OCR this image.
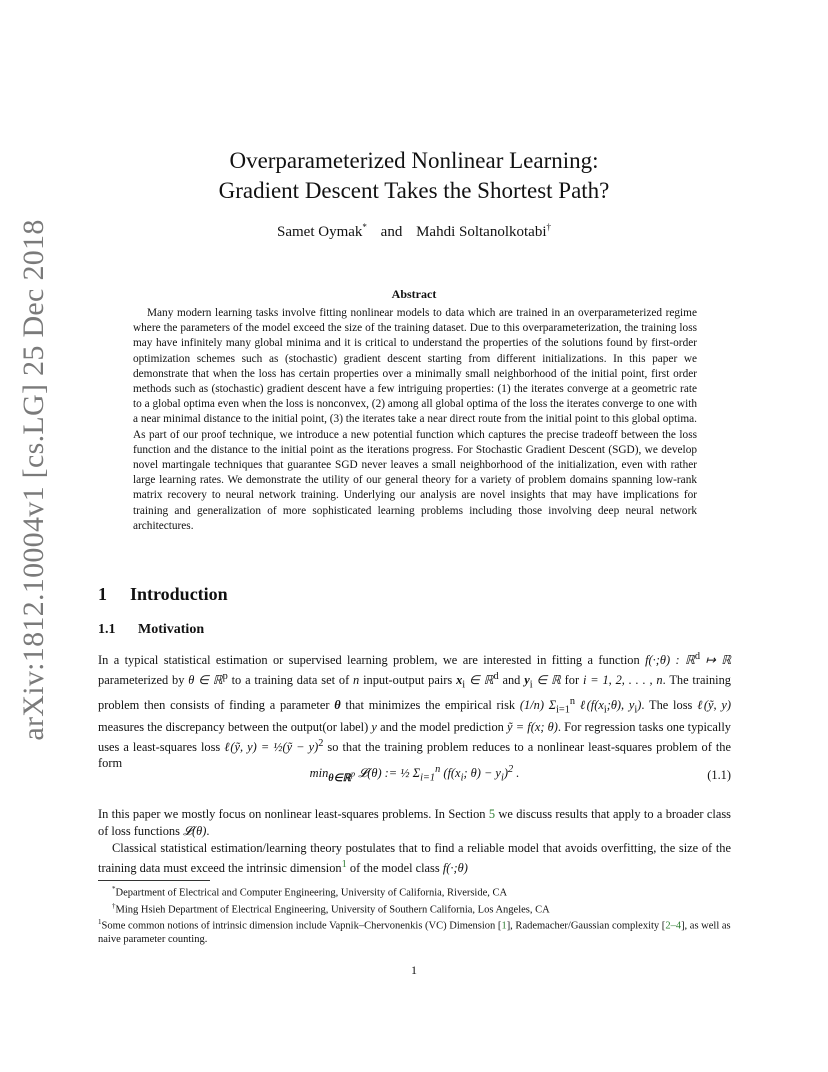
arXiv:1812.10004v1 [cs.LG] 25 Dec 2018
Overparameterized Nonlinear Learning:
Gradient Descent Takes the Shortest Path?
Samet Oymak* and Mahdi Soltanolkotabi†
Abstract
Many modern learning tasks involve fitting nonlinear models to data which are trained in an overparameterized regime where the parameters of the model exceed the size of the training dataset. Due to this overparameterization, the training loss may have infinitely many global minima and it is critical to understand the properties of the solutions found by first-order optimization schemes such as (stochastic) gradient descent starting from different initializations. In this paper we demonstrate that when the loss has certain properties over a minimally small neighborhood of the initial point, first order methods such as (stochastic) gradient descent have a few intriguing properties: (1) the iterates converge at a geometric rate to a global optima even when the loss is nonconvex, (2) among all global optima of the loss the iterates converge to one with a near minimal distance to the initial point, (3) the iterates take a near direct route from the initial point to this global optima. As part of our proof technique, we introduce a new potential function which captures the precise tradeoff between the loss function and the distance to the initial point as the iterations progress. For Stochastic Gradient Descent (SGD), we develop novel martingale techniques that guarantee SGD never leaves a small neighborhood of the initialization, even with rather large learning rates. We demonstrate the utility of our general theory for a variety of problem domains spanning low-rank matrix recovery to neural network training. Underlying our analysis are novel insights that may have implications for training and generalization of more sophisticated learning problems including those involving deep neural network architectures.
1 Introduction
1.1 Motivation
In a typical statistical estimation or supervised learning problem, we are interested in fitting a function f(·;θ) : ℝ$^d$ ↦ ℝ parameterized by θ ∈ ℝ$^p$ to a training data set of n input-output pairs $x_i$ ∈ ℝ$^d$ and $y_i$ ∈ ℝ for i = 1, 2, . . . , n. The training problem then consists of finding a parameter θ that minimizes the empirical risk (1/n) $\Sigma_{i=1}^n$ $\ell(f(x_i;\theta)$, $y_i$). The loss ℓ(ỹ, y) measures the discrepancy between the output(or label) y and the model prediction ỹ = f(x; θ). For regression tasks one typically uses a least-squares loss ℓ(ỹ, y) = ½(ỹ − y)$^2$ so that the training problem reduces to a nonlinear least-squares problem of the form
$\min_{\theta\in ℝ^p}$ 𝓛(θ) := ½ $\Sigma_{i=1}^n$ ($f(x_i$; $\theta) - y_i)^2$ .	(1.1)
In this paper we mostly focus on nonlinear least-squares problems. In Section 5 we discuss results that apply to a broader class of loss functions 𝓛(θ).
Classical statistical estimation/learning theory postulates that to find a reliable model that avoids overfitting, the size of the training data must exceed the intrinsic dimension$^1$ of the model class f(·;θ)

*Department of Electrical and Computer Engineering, University of California, Riverside, CA

†Ming Hsieh Department of Electrical Engineering, University of Southern California, Los Angeles, CA

$^1$Some common notions of intrinsic dimension include Vapnik–Chervonenkis (VC) Dimension [1], Rademacher/Gaussian complexity [2–4], as well as naive parameter counting.

1
